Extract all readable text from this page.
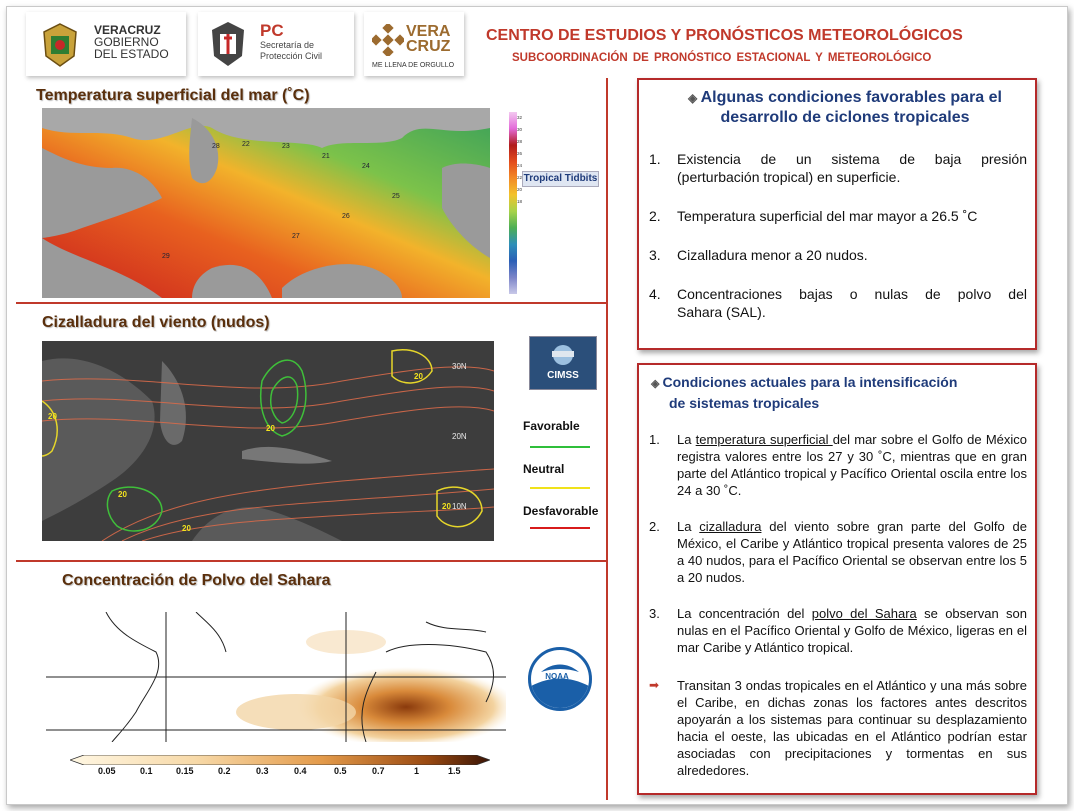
VERACRUZ
GOBIERNO
DEL ESTADO
PC
Secretaría de
Protección Civil
VERA
CRUZ
ME LLENA DE ORGULLO
CENTRO DE ESTUDIOS Y PRONÓSTICOS METEOROLÓGICOS
SUBCOORDINACIÓN DE PRONÓSTICO ESTACIONAL Y METEOROLÓGICO
Temperatura superficial del mar (˚C)
28	22	23
21
24
25
26
27
29
32
30
28
26
24
22
20
18
Tropical Tidbits
Cizalladura del viento (nudos)
30N
20N
10N
20
20
20
20
20
20
CIMSS
Favorable
Neutral
Desfavorable
Concentración de Polvo del Sahara
NOAA
0.05	0.1	0.15	0.2	0.3	0.4	0.5	0.7	1	1.5
◈ Algunas condiciones favorables para el
desarrollo de ciclones tropicales
1. Existencia de un sistema de baja presión
(perturbación tropical) en superficie.
2. Temperatura superficial del mar mayor a 26.5 ˚C
3. Cizalladura menor a 20 nudos.
4. Concentraciones bajas o nulas de polvo del
Sahara (SAL).
◈ Condiciones actuales para la intensificación
de sistemas tropicales
1. La temperatura superficial del mar sobre el Golfo de México registra valores entre los 27 y 30 ˚C, mientras que en gran parte del Atlántico tropical y Pacífico Oriental oscila entre los 24 a 30 ˚C.
2. La cizalladura del viento sobre gran parte del Golfo de México, el Caribe y Atlántico tropical presenta valores de 25 a 40 nudos, para el Pacífico Oriental se observan entre los 5 a 20 nudos.
3. La concentración del polvo del Sahara se observan son nulas en el Pacífico Oriental y Golfo de México, ligeras en el mar Caribe y Atlántico tropical.
➡ Transitan 3 ondas tropicales en el Atlántico y una más sobre el Caribe, en dichas zonas los factores antes descritos apoyarán a los sistemas para continuar su desplazamiento hacia el oeste, las ubicadas en el Atlántico podrían estar asociadas con precipitaciones y tormentas en sus alrededores.
